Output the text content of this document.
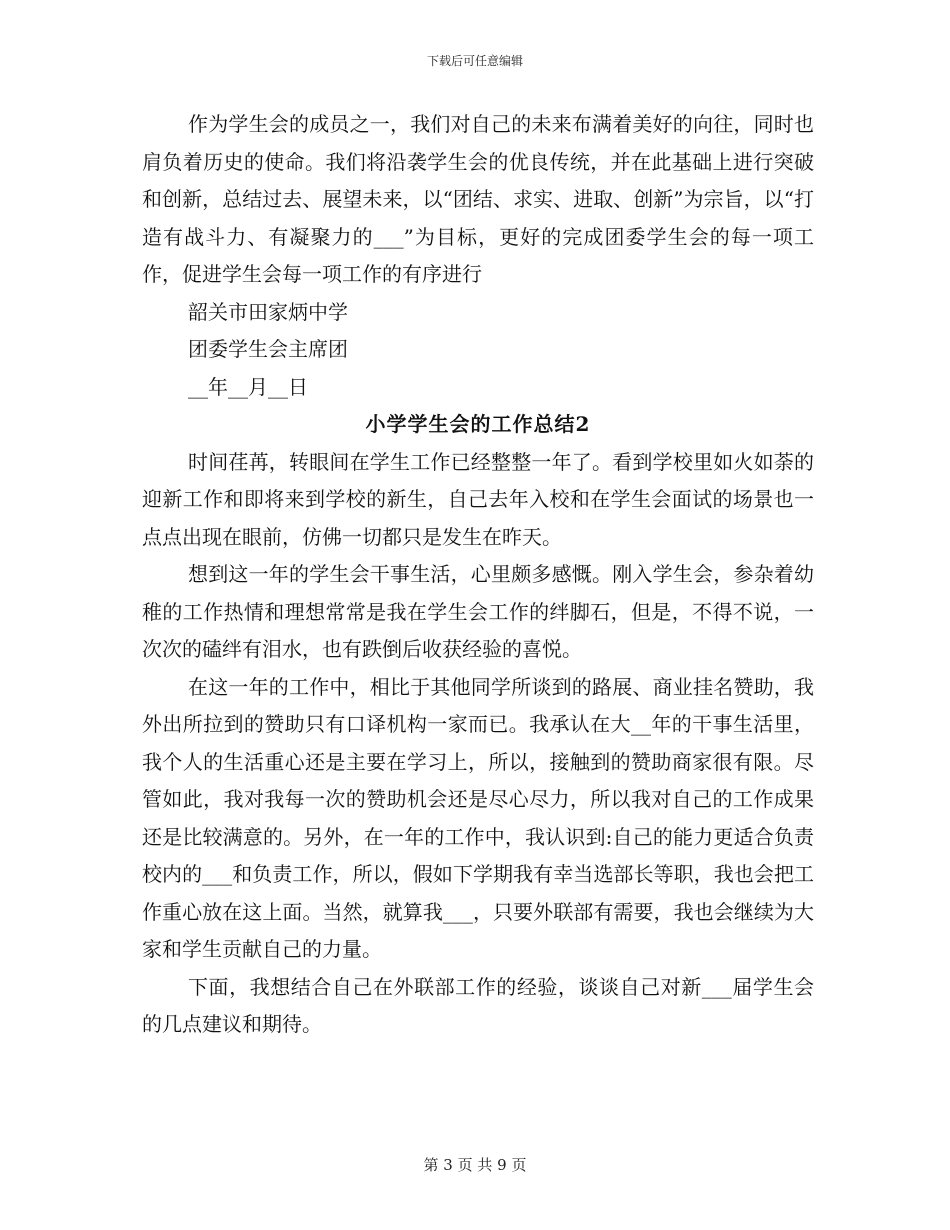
下载后可任意编辑

作为学生会的成员之一，我们对自己的未来布满着美好的向往，同时也肩负着历史的使命。我们将沿袭学生会的优良传统，并在此基础上进行突破和创新，总结过去、展望未来，以“团结、求实、进取、创新”为宗旨，以“打造有战斗力、有凝聚力的___”为目标，更好的完成团委学生会的每一项工作，促进学生会每一项工作的有序进行

韶关市田家炳中学

团委学生会主席团

__年__月__日

小学学生会的工作总结2

时间荏苒，转眼间在学生工作已经整整一年了。看到学校里如火如荼的迎新工作和即将来到学校的新生，自己去年入校和在学生会面试的场景也一点点出现在眼前，仿佛一切都只是发生在昨天。

想到这一年的学生会干事生活，心里颇多感慨。刚入学生会，参杂着幼稚的工作热情和理想常常是我在学生会工作的绊脚石，但是，不得不说，一次次的磕绊有泪水，也有跌倒后收获经验的喜悦。

在这一年的工作中，相比于其他同学所谈到的路展、商业挂名赞助，我外出所拉到的赞助只有口译机构一家而已。我承认在大__年的干事生活里，我个人的生活重心还是主要在学习上，所以，接触到的赞助商家很有限。尽管如此，我对我每一次的赞助机会还是尽心尽力，所以我对自己的工作成果还是比较满意的。另外，在一年的工作中，我认识到:自己的能力更适合负责校内的___和负责工作，所以，假如下学期我有幸当选部长等职，我也会把工作重心放在这上面。当然，就算我___，只要外联部有需要，我也会继续为大家和学生贡献自己的力量。

下面，我想结合自己在外联部工作的经验，谈谈自己对新___届学生会的几点建议和期待。

第 3 页 共 9 页
